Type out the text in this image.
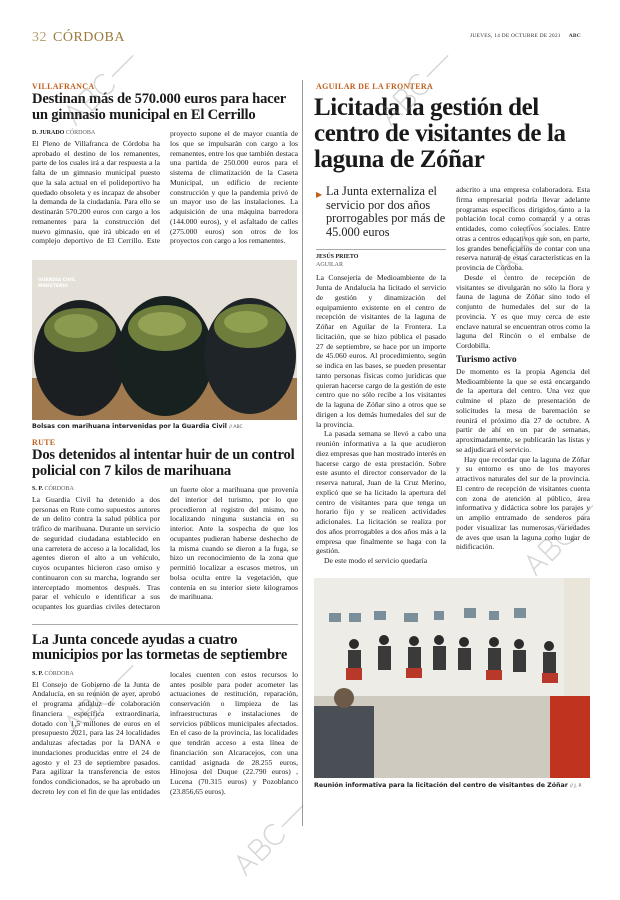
32 CÓRDOBA	JUEVES, 14 DE OCTUBRE DE 2021 ABC
VILLAFRANCA
Destinan más de 570.000 euros para hacer un gimnasio municipal en El Cerrillo
D. JURADO CÓRDOBA

El Pleno de Villafranca de Córdoba ha aprobado el destino de los remanentes, parte de los cuales irá a dar respuesta a la falta de un gimnasio municipal puesto que la sala actual en el polideportivo ha quedado obsoleta y es incapaz de absober la demanda de la ciudadanía. Para ello se destinarán 570.200 euros con cargo a los remanentes para la construcción del nuevo gimnasio, que irá ubicado en el complejo deportivo de El Cerrillo. Este proyecto supone el de mayor cuantía de los que se impulsarán con cargo a los remanentes, entre los que también destaca una partida de 250.000 euros para el sistema de climatización de la Caseta Municipal, un edificio de reciente construcción y que la pandemia privó de un mayor uso de las instalaciones. La adquisición de una máquina barredora (144.000 euros), y el asfaltado de calles (275.000 euros) son otros de los proyectos con cargo a los remanentes.

GUARDIA CIVIL MINISTERIO
Bolsas con marihuana intervenidas por la Guardia Civil // ABC
RUTE
Dos detenidos al intentar huir de un control policial con 7 kilos de marihuana
S. P. CÓRDOBA

La Guardia Civil ha detenido a dos personas en Rute como supuestos autores de un delito contra la salud pública por tráfico de marihuana. Durante un servicio de seguridad ciudadana establecido en una carretera de acceso a la localidad, los agentes dieron el alto a un vehículo, cuyos ocupantes hicieron caso omiso y continuaron con su marcha, logrando ser interceptado momentos después. Tras parar el vehículo e identificar a sus ocupantes los guardias civiles detectaron un fuerte olor a marihuana que provenía del interior del turismo, por lo que procedieron al registro del mismo, no localizando ninguna sustancia en su interior. Ante la sospecha de que los ocupantes pudieran haberse deshecho de la misma cuando se dieron a la fuga, se hizo un reconocimiento de la zona que permitió localizar a escasos metros, un bolsa oculta entre la vegetación, que contenía en su interior siete kilogramos de marihuana.

La Junta concede ayudas a cuatro municipios por las tormetas de septiembre
S. P. CÓRDOBA

El Consejo de Gobierno de la Junta de Andalucía, en su reunión de ayer, aprobó el programa andaluz de colaboración financiera específica extraordinaria, dotado con 1,5 millones de euros en el presupuesto 2021, para las 24 localidades andaluzas afectadas por la DANA e inundaciones producidas entre el 24 de agosto y el 23 de septiembre pasados. Para agilizar la transferencia de estos fondos condicionados, se ha aprobado un decreto ley con el fin de que las entidades locales cuenten con estos recursos lo antes posible para poder acometer las actuaciones de restitución, reparación, conservación o limpieza de las infraestructuras e instalaciones de servicios públicos municipales afectados. En el caso de la provincia, las localidades que tendrán acceso a esta línea de financiación son Alcaracejos, con una cantidad asignada de 28.255 euros, Hinojosa del Duque (22.790 euros) , Lucena (70.315 euros) y Pozoblanco (23.856,65 euros).

AGUILAR DE LA FRONTERA
Licitada la gestión del centro de visitantes de la laguna de Zóñar
▶ La Junta externaliza el servicio por dos años prorrogables por más de 45.000 euros
JESÚS PRIETO
AGUILAR

La Consejería de Medioambiente de la Junta de Andalucía ha licitado el servicio de gestión y dinamización del equipamiento existente en el centro de recepción de visitantes de la laguna de Zóñar en Aguilar de la Frontera. La licitación, que se hizo pública el pasado 27 de septiembre, se hace por un importe de 45.060 euros. Al procedimiento, según se indica en las bases, se pueden presentar tanto personas físicas como jurídicas que quieran hacerse cargo de la gestión de este centro que no sólo recibe a los visitantes de la laguna de Zóñar sino a otros que se dirigen a los demás humedales del sur de la provincia.

La pasada semana se llevó a cabo una reunión informativa a la que acudieron diez empresas que han mostrado interés en hacerse cargo de esta prestación. Sobre este asunto el director conservador de la reserva natural, Juan de la Cruz Merino, explicó que se ha licitado la apertura del centro de visitantes para que tenga un horario fijo y se realicen actividades adicionales. La licitación se realiza por dos años prorrogables a dos años más a la empresa que finalmente se haga con la gestión.

De este modo el servicio quedaría

adscrito a una empresa colaboradora. Esta firma empresarial podría llevar adelante programas específicos dirigidos tanto a la población local como comarcal y a otras entidades, como colectivos sociales. Entre otras a centros educativos que son, en parte, los grandes beneficiarios de contar con una reserva natural de estas características en la provincia de Córdoba.

Desde el centro de recepción de visitantes se divulgarán no sólo la flora y fauna de laguna de Zóñar sino todo el conjunto de humedales del sur de la provincia. Y es que muy cerca de este enclave natural se encuentran otros como la laguna del Rincón o el embalse de Cordobilla.

Turismo activo

De momento es la propia Agencia del Medioambiente la que se está encargando de la apertura del centro. Una vez que culmine el plazo de presentación de solicitudes la mesa de baremación se reunirá el próximo día 27 de octubre. A partir de ahí en un par de semanas, aproximadamente, se publicarán las listas y se adjudicará el servicio.

Hay que recordar que la laguna de Zóñar y su entorno es uno de los mayores atractivos naturales del sur de la provincia. El centro de recepción de visitantes cuenta con zona de atención al público, área informativa y didáctica sobre los parajes y un amplio entramado de senderos para poder visualizar las numerosas variedades de aves que usan la laguna como lugar de nidificación.

Reunión informativa para la licitación del centro de visitantes de Zóñar // J. P.
